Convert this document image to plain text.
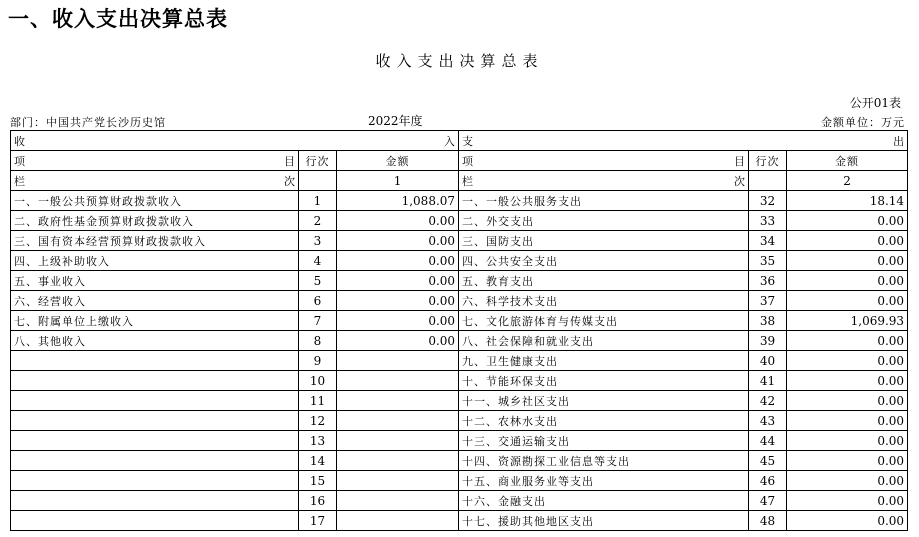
一、收入支出决算总表
收入支出决算总表
公开01表
部门：中国共产党长沙历史馆	2022年度	金额单位：万元
收 入			支 出		

项 目	行次	金额	项 目	行次	金额

栏 次		1	栏 次		2
一、一般公共预算财政拨款收入	1	1,088.07	一、一般公共服务支出	32	18.14
二、政府性基金预算财政拨款收入	2	0.00	二、外交支出	33	0.00
三、国有资本经营预算财政拨款收入	3	0.00	三、国防支出	34	0.00
四、上级补助收入	4	0.00	四、公共安全支出	35	0.00
五、事业收入	5	0.00	五、教育支出	36	0.00
六、经营收入	6	0.00	六、科学技术支出	37	0.00
七、附属单位上缴收入	7	0.00	七、文化旅游体育与传媒支出	38	1,069.93
八、其他收入	8	0.00	八、社会保障和就业支出	39	0.00
	9		九、卫生健康支出	40	0.00
	10		十、节能环保支出	41	0.00
	11		十一、城乡社区支出	42	0.00
	12		十二、农林水支出	43	0.00
	13		十三、交通运输支出	44	0.00
	14		十四、资源勘探工业信息等支出	45	0.00
	15		十五、商业服务业等支出	46	0.00
	16		十六、金融支出	47	0.00
	17		十七、援助其他地区支出	48	0.00
